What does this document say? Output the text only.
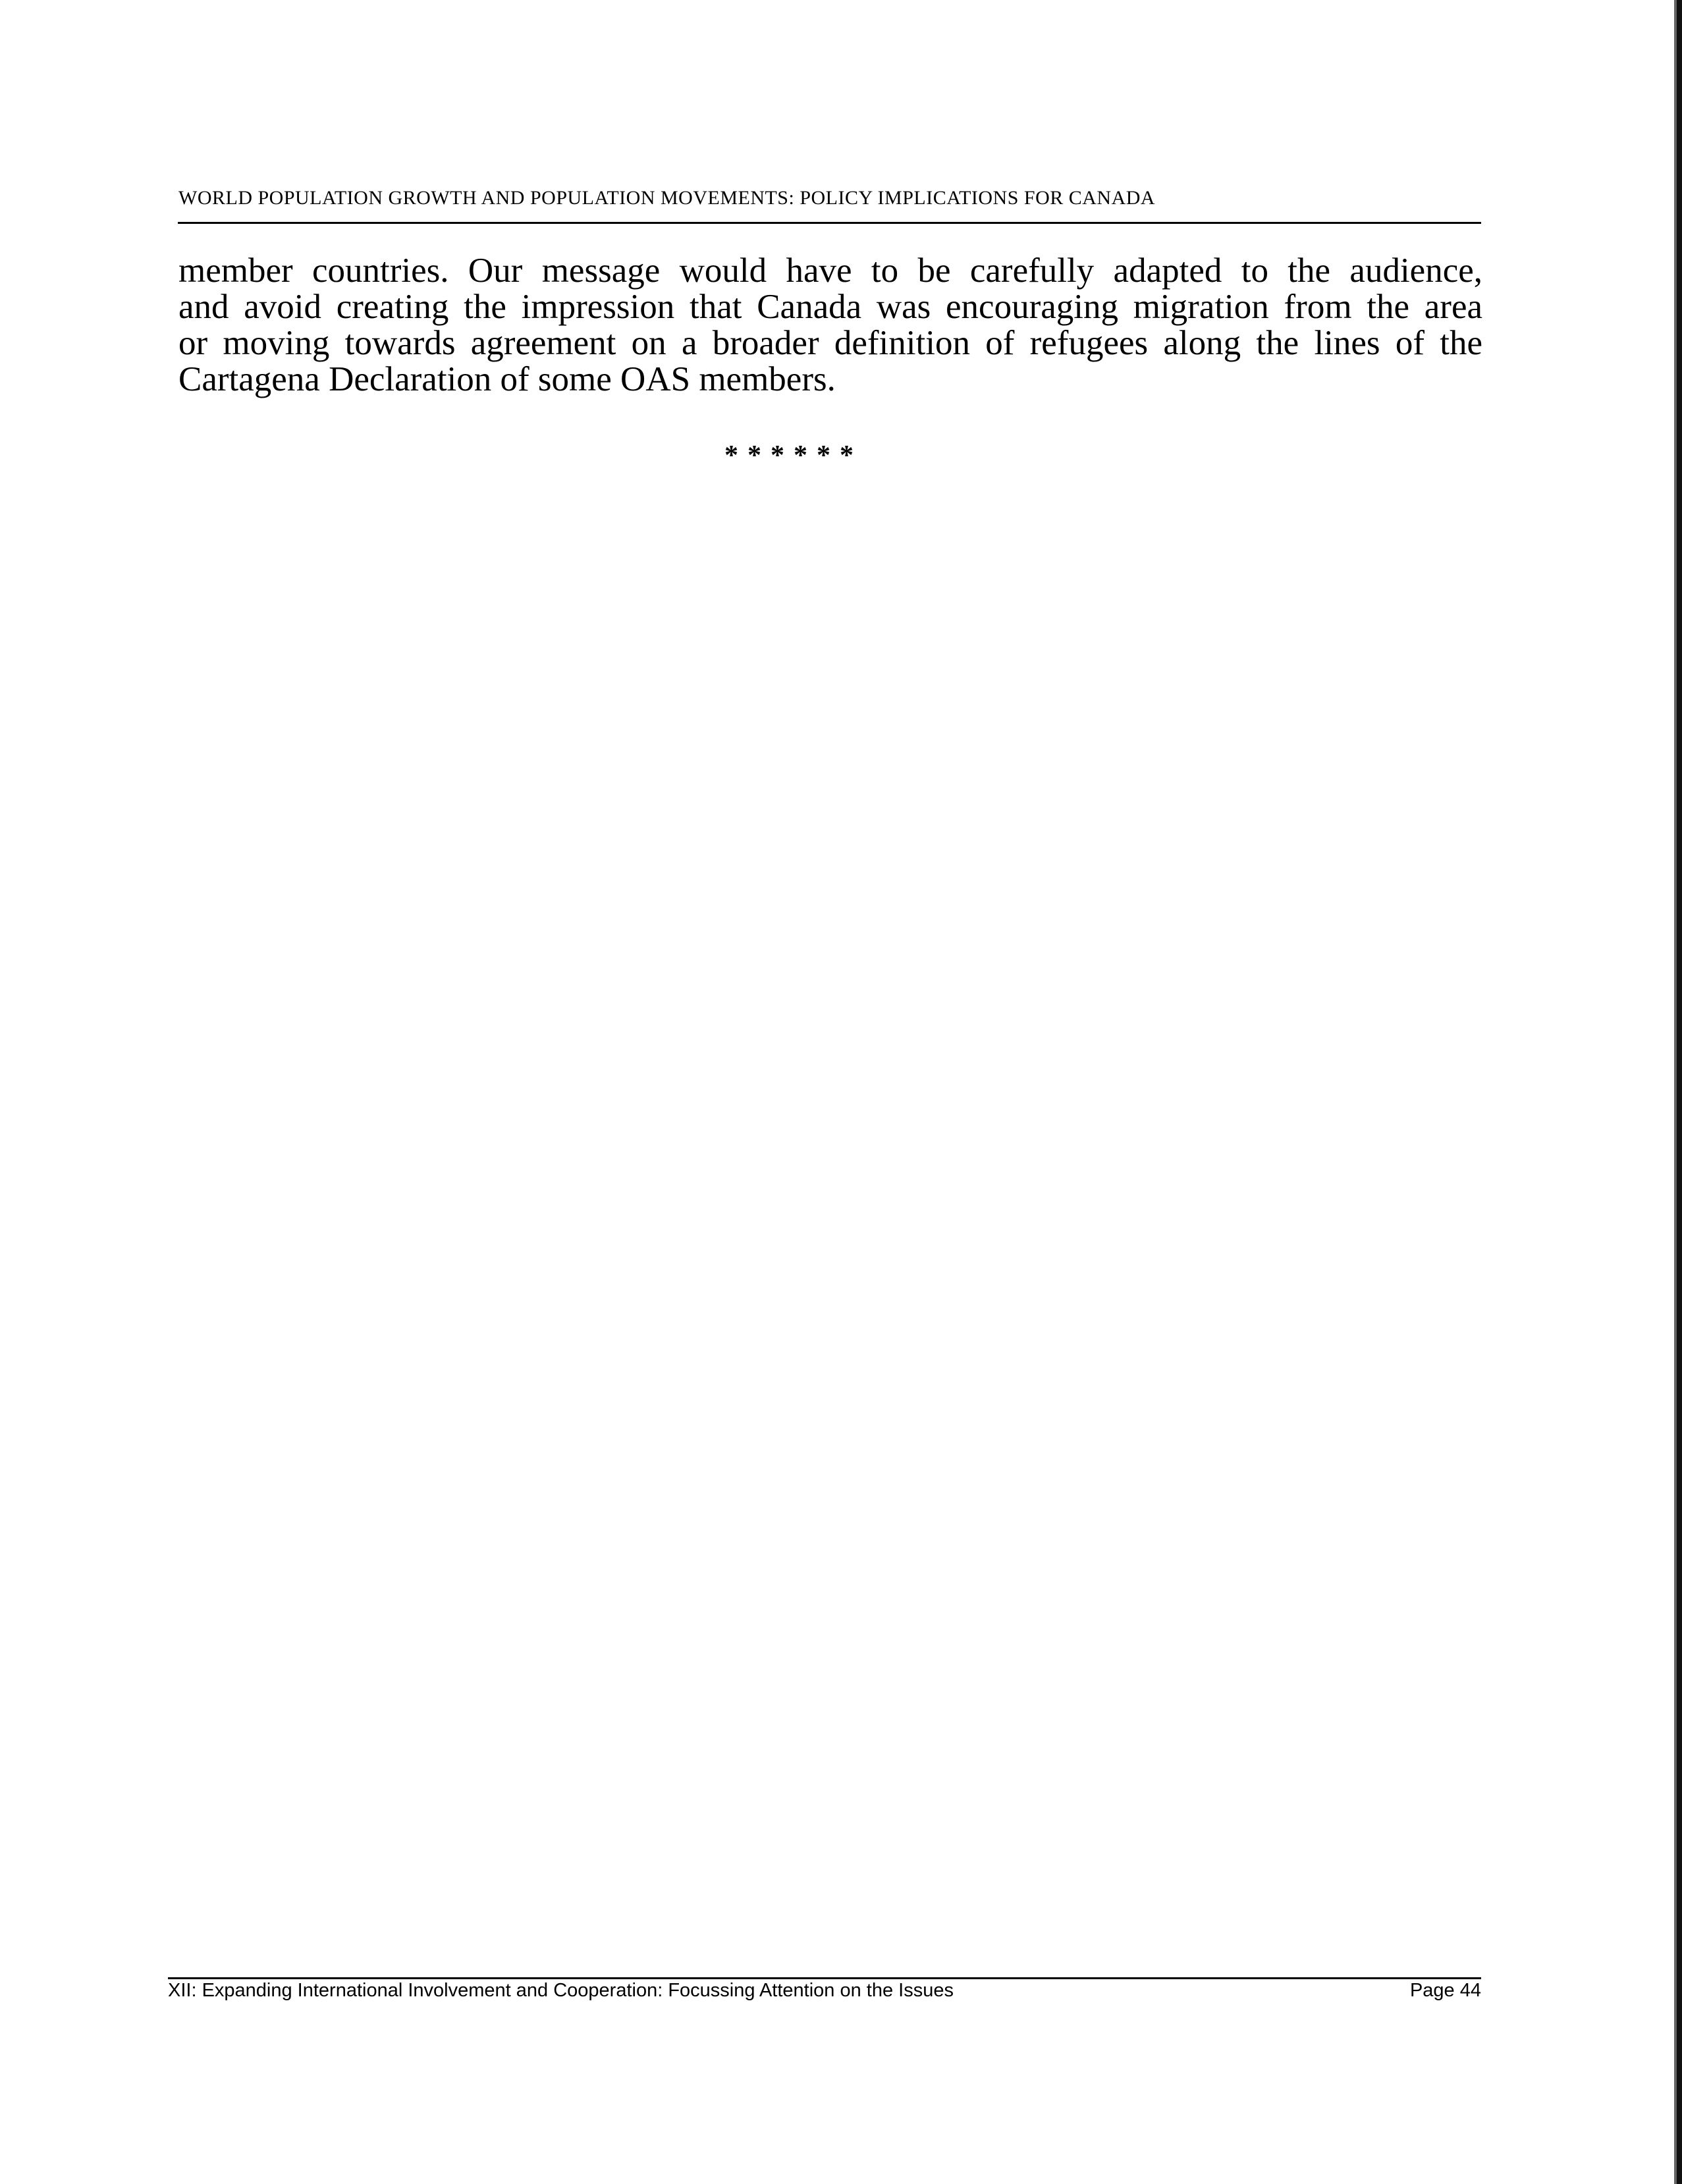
WORLD POPULATION GROWTH AND POPULATION MOVEMENTS: POLICY IMPLICATIONS FOR CANADA
member countries. Our message would have to be carefully adapted to the audience,
and avoid creating the impression that Canada was encouraging migration from the area
or moving towards agreement on a broader definition of refugees along the lines of the
Cartagena Declaration of some OAS members.
******
XII: Expanding International Involvement and Cooperation: Focussing Attention on the Issues	Page 44
